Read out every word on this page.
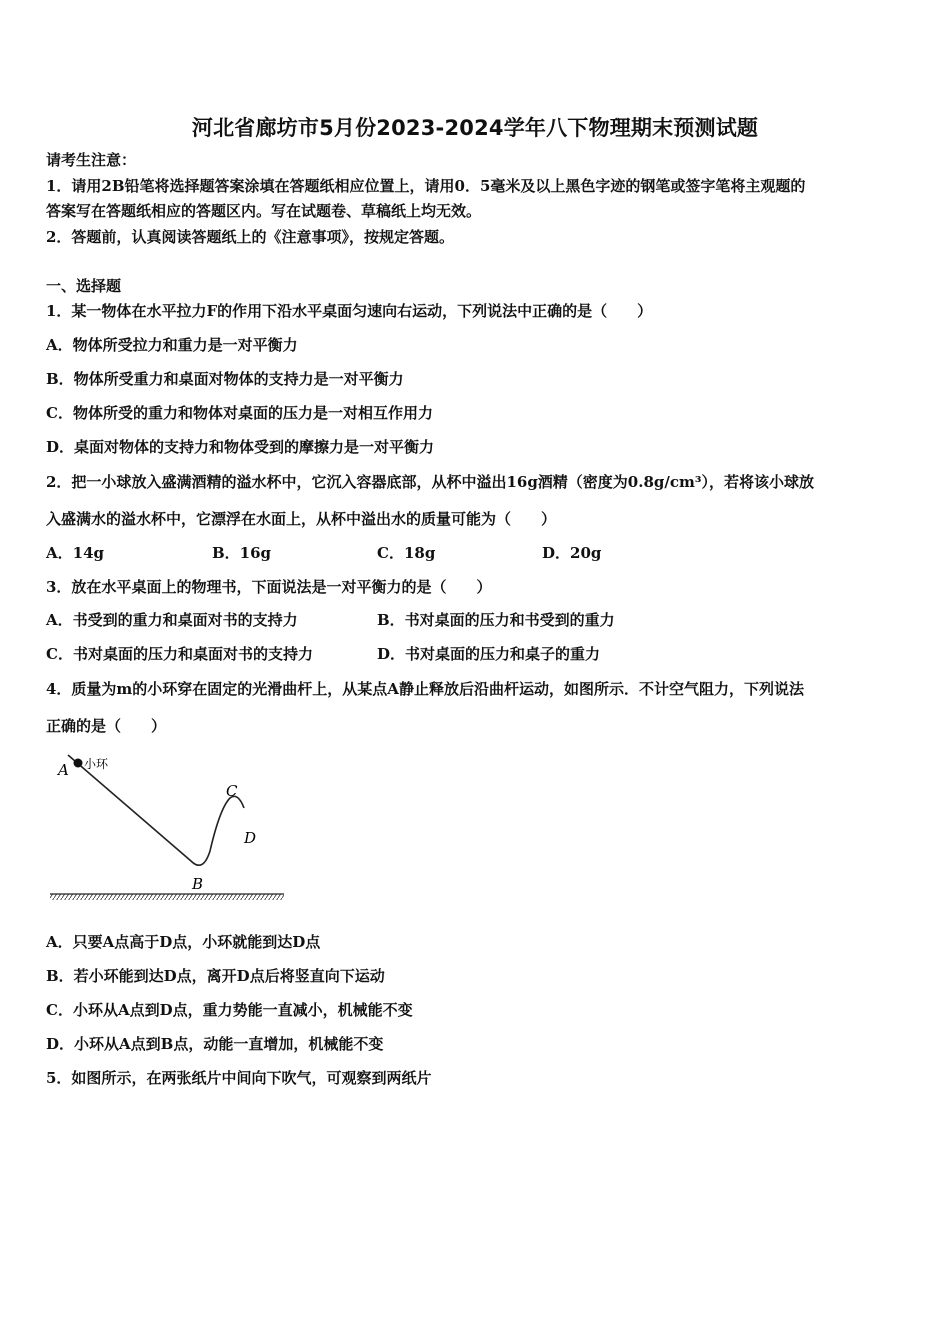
河北省廊坊市5月份2023-2024学年八下物理期末预测试题
请考生注意：
1．请用2B铅笔将选择题答案涂填在答题纸相应位置上，请用0．5毫米及以上黑色字迹的钢笔或签字笔将主观题的
答案写在答题纸相应的答题区内。写在试题卷、草稿纸上均无效。
2．答题前，认真阅读答题纸上的《注意事项》，按规定答题。
一、选择题
1．某一物体在水平拉力F的作用下沿水平桌面匀速向右运动，下列说法中正确的是（　　）
A．物体所受拉力和重力是一对平衡力
B．物体所受重力和桌面对物体的支持力是一对平衡力
C．物体所受的重力和物体对桌面的压力是一对相互作用力
D．桌面对物体的支持力和物体受到的摩擦力是一对平衡力
2．把一小球放入盛满酒精的溢水杯中，它沉入容器底部，从杯中溢出16g酒精（密度为0.8g/cm³），若将该小球放
入盛满水的溢水杯中，它漂浮在水面上，从杯中溢出水的质量可能为（　　）
A．14g	B．16g	C．18g	D．20g
3．放在水平桌面上的物理书，下面说法是一对平衡力的是（　　）
A．书受到的重力和桌面对书的支持力	B．书对桌面的压力和书受到的重力
C．书对桌面的压力和桌面对书的支持力	D．书对桌面的压力和桌子的重力
4．质量为m的小环穿在固定的光滑曲杆上，从某点A静止释放后沿曲杆运动，如图所示．不计空气阻力，下列说法
正确的是（　　）
A 小环
B
C
D
A．只要A点高于D点，小环就能到达D点
B．若小环能到达D点，离开D点后将竖直向下运动
C．小环从A点到D点，重力势能一直减小，机械能不变
D．小环从A点到B点，动能一直增加，机械能不变
5．如图所示，在两张纸片中间向下吹气，可观察到两纸片
